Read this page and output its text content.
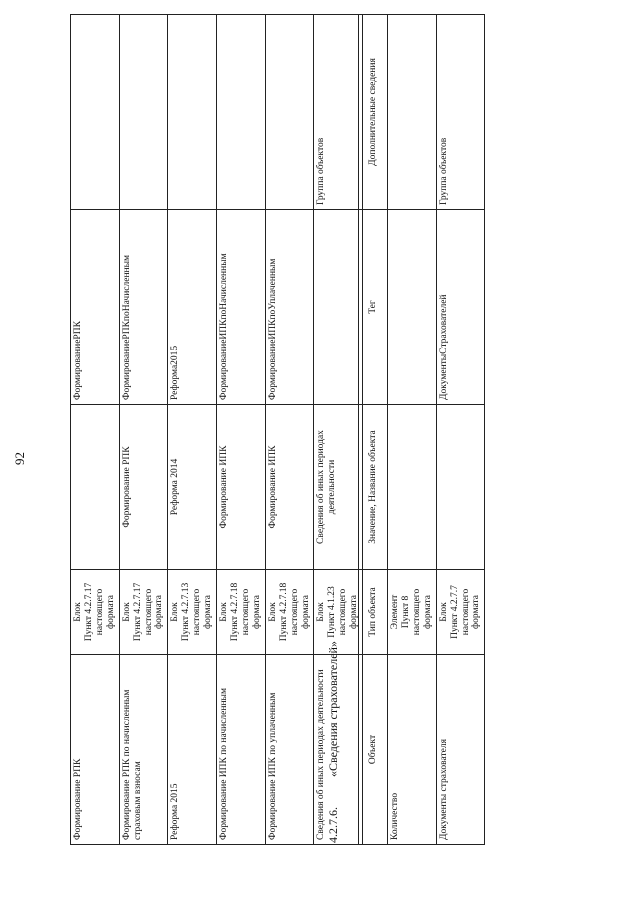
92
Формирование РПК	Блок Пункт 4.2.7.17 настоящего формата		ФормированиеРПК	
Формирование РПК по начисленным страховым взносам	Блок Пункт 4.2.7.17 настоящего формата	Формирование РПК	ФормированиеРПКпоНачисленным	
Реформа 2015	Блок Пункт 4.2.7.13 настоящего формата	Реформа 2014	Реформа2015	
Формирование ИПК по начисленным	Блок Пункт 4.2.7.18 настоящего формата	Формирование ИПК	ФормированиеИПКпоНачисленным	
Формирование ИПК по уплаченным	Блок Пункт 4.2.7.18 настоящего формата	Формирование ИПК	ФормированиеИПКпоУплаченным	
Сведения об иных периодах деятельности	Блок Пункт 4.1.23 настоящего формата	Сведения об иных периодах деятельности		Группа объектов
4.2.7.6.«Сведения страхователей»	Объект	Тип объекта	Значение, Название объекта	Тег	Дополнительные сведения
Количество	Элемент Пункт 8 настоящего формата			

Документы страхователя	Блок Пункт 4.2.7.7 настоящего формата		ДокументыСтрахователей	Группа объектов
